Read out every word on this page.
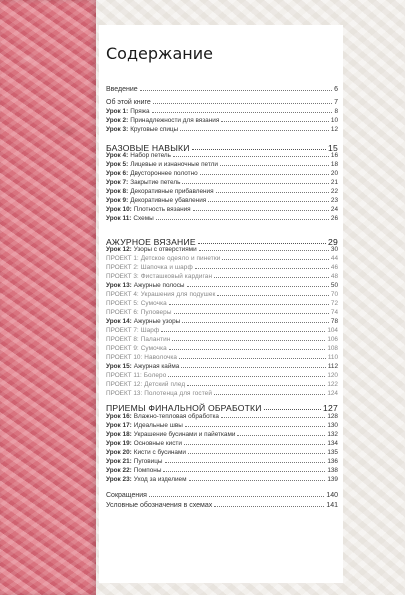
Содержание
Введение	6
Об этой книге	7
Урок 1: Пряжа	8
Урок 2: Принадлежности для вязания	10
Урок 3: Круговые спицы	12
БАЗОВЫЕ НАВЫКИ	15
Урок 4: Набор петель	16
Урок 5: Лицевые и изнаночные петли	18
Урок 6: Двустороннее полотно	20
Урок 7: Закрытие петель	21
Урок 8: Декоративные прибавления	22
Урок 9: Декоративные убавления	23
Урок 10: Плотность вязания	24
Урок 11: Схемы	26
АЖУРНОЕ ВЯЗАНИЕ	29
Урок 12: Узоры с отверстиями	30
ПРОЕКТ 1: Детское одеяло и пинетки	44
ПРОЕКТ 2: Шапочка и шарф	46
ПРОЕКТ 3: Фисташковый кардиган	48
Урок 13: Ажурные полосы	50
ПРОЕКТ 4: Украшения для подушек	70
ПРОЕКТ 5: Сумочка	72
ПРОЕКТ 6: Пуловеры	74
Урок 14: Ажурные узоры	78
ПРОЕКТ 7: Шарф	104
ПРОЕКТ 8: Палантин	106
ПРОЕКТ 9: Сумочка	108
ПРОЕКТ 10: Наволочка	110
Урок 15: Ажурная кайма	112
ПРОЕКТ 11: Болеро	120
ПРОЕКТ 12: Детский плед	122
ПРОЕКТ 13: Полотенца для гостей	124
ПРИЕМЫ ФИНАЛЬНОЙ ОБРАБОТКИ	127
Урок 16: Влажно-тепловая обработка	128
Урок 17: Идеальные швы	130
Урок 18: Украшение бусинами и пайетками	132
Урок 19: Основные кисти	134
Урок 20: Кисти с бусинами	135
Урок 21: Пуговицы	136
Урок 22: Помпоны	138
Урок 23: Уход за изделием	139
Сокращения	140
Условные обозначения в схемах	141
